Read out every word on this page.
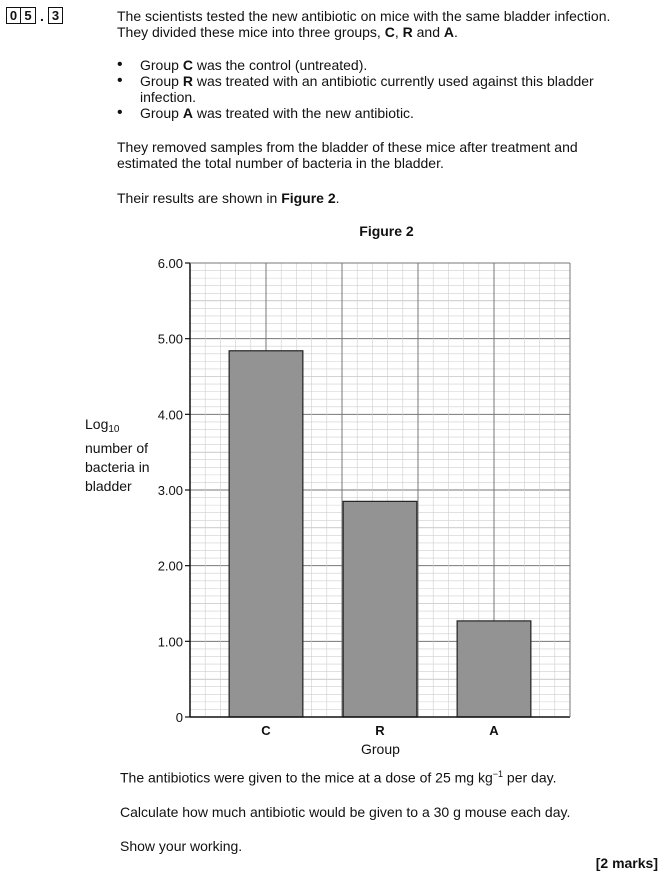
0 5 . 3	The scientists tested the new antibiotic on mice with the same bladder infection.
They divided these mice into three groups, C, R and A.
• Group C was the control (untreated).
• Group R was treated with an antibiotic currently used against this bladder infection.
• Group A was treated with the new antibiotic.
They removed samples from the bladder of these mice after treatment and estimated the total number of bacteria in the bladder.
Their results are shown in Figure 2.
Figure 2
C	R	A
0
1.00
2.00
3.00
4.00
5.00
6.00
Log$_{10}$
number of
bacteria in
bladder
Group
The antibiotics were given to the mice at a dose of 25 mg $kg^{-1}$ per day.
Calculate how much antibiotic would be given to a 30 g mouse each day.
Show your working.
[2 marks]
